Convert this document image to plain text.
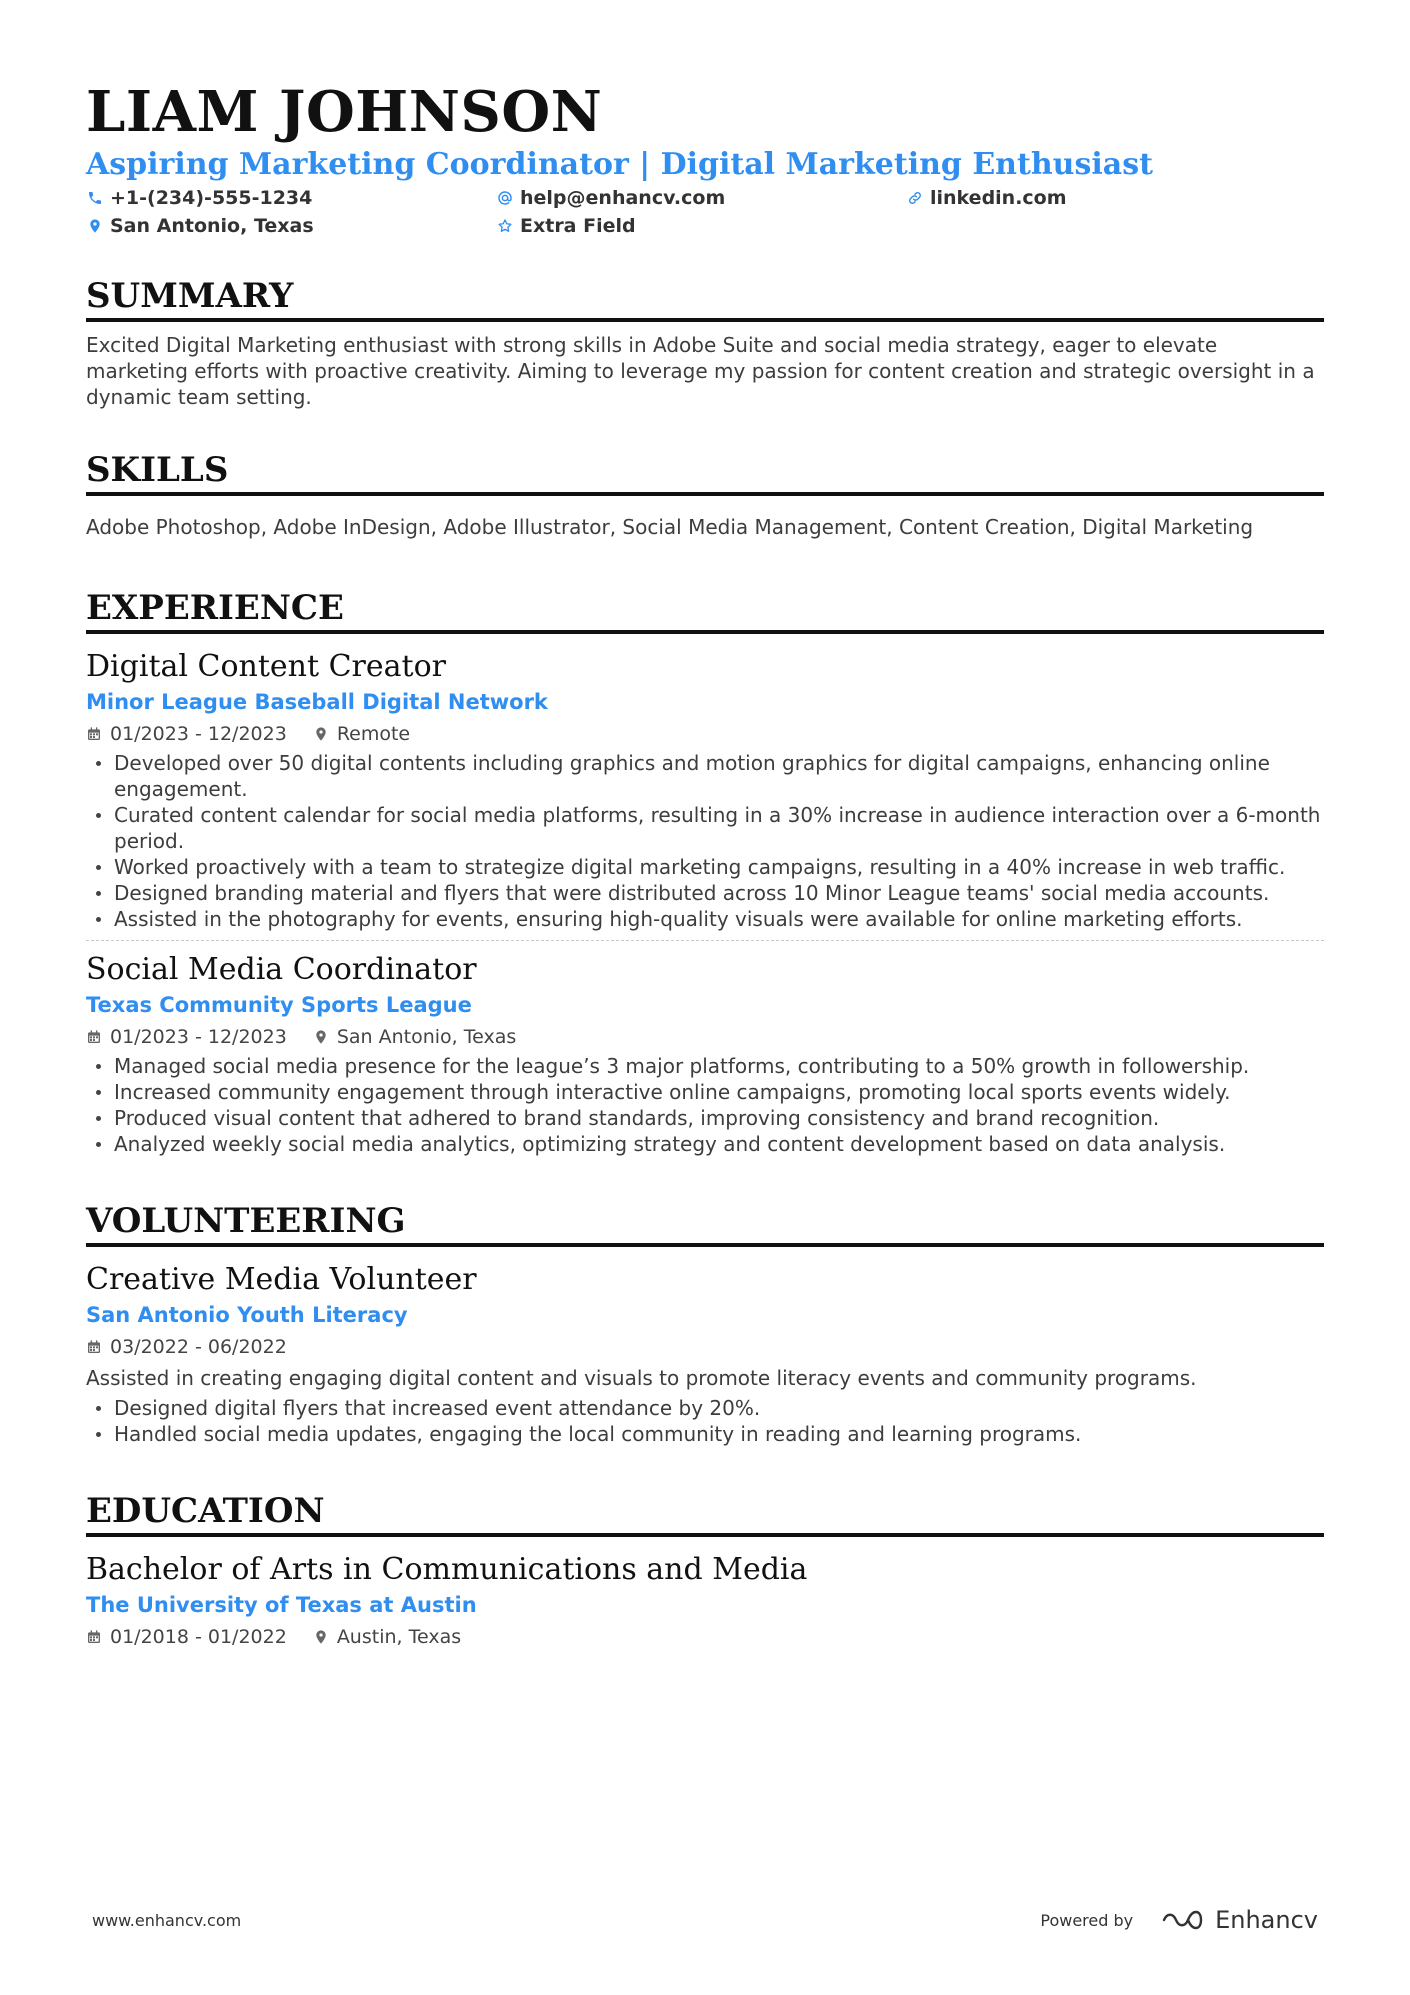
LIAM JOHNSON
Aspiring Marketing Coordinator | Digital Marketing Enthusiast
+1-(234)-555-1234	help@enhancv.com	linkedin.com
San Antonio, Texas	Extra Field
SUMMARY
Excited Digital Marketing enthusiast with strong skills in Adobe Suite and social media strategy, eager to elevate marketing efforts with proactive creativity. Aiming to leverage my passion for content creation and strategic oversight in a dynamic team setting.
SKILLS
Adobe Photoshop, Adobe InDesign, Adobe Illustrator, Social Media Management, Content Creation, Digital Marketing
EXPERIENCE
Digital Content Creator
Minor League Baseball Digital Network
01/2023 - 12/2023	Remote
Developed over 50 digital contents including graphics and motion graphics for digital campaigns, enhancing online engagement.
Curated content calendar for social media platforms, resulting in a 30% increase in audience interaction over a 6-month period.
Worked proactively with a team to strategize digital marketing campaigns, resulting in a 40% increase in web traffic.
Designed branding material and flyers that were distributed across 10 Minor League teams' social media accounts.
Assisted in the photography for events, ensuring high-quality visuals were available for online marketing efforts.
Social Media Coordinator
Texas Community Sports League
01/2023 - 12/2023	San Antonio, Texas
Managed social media presence for the league’s 3 major platforms, contributing to a 50% growth in followership.
Increased community engagement through interactive online campaigns, promoting local sports events widely.
Produced visual content that adhered to brand standards, improving consistency and brand recognition.
Analyzed weekly social media analytics, optimizing strategy and content development based on data analysis.
VOLUNTEERING
Creative Media Volunteer
San Antonio Youth Literacy
03/2022 - 06/2022
Assisted in creating engaging digital content and visuals to promote literacy events and community programs.
Designed digital flyers that increased event attendance by 20%.
Handled social media updates, engaging the local community in reading and learning programs.
EDUCATION
Bachelor of Arts in Communications and Media
The University of Texas at Austin
01/2018 - 01/2022	Austin, Texas
www.enhancv.com	Powered by	Enhancv
